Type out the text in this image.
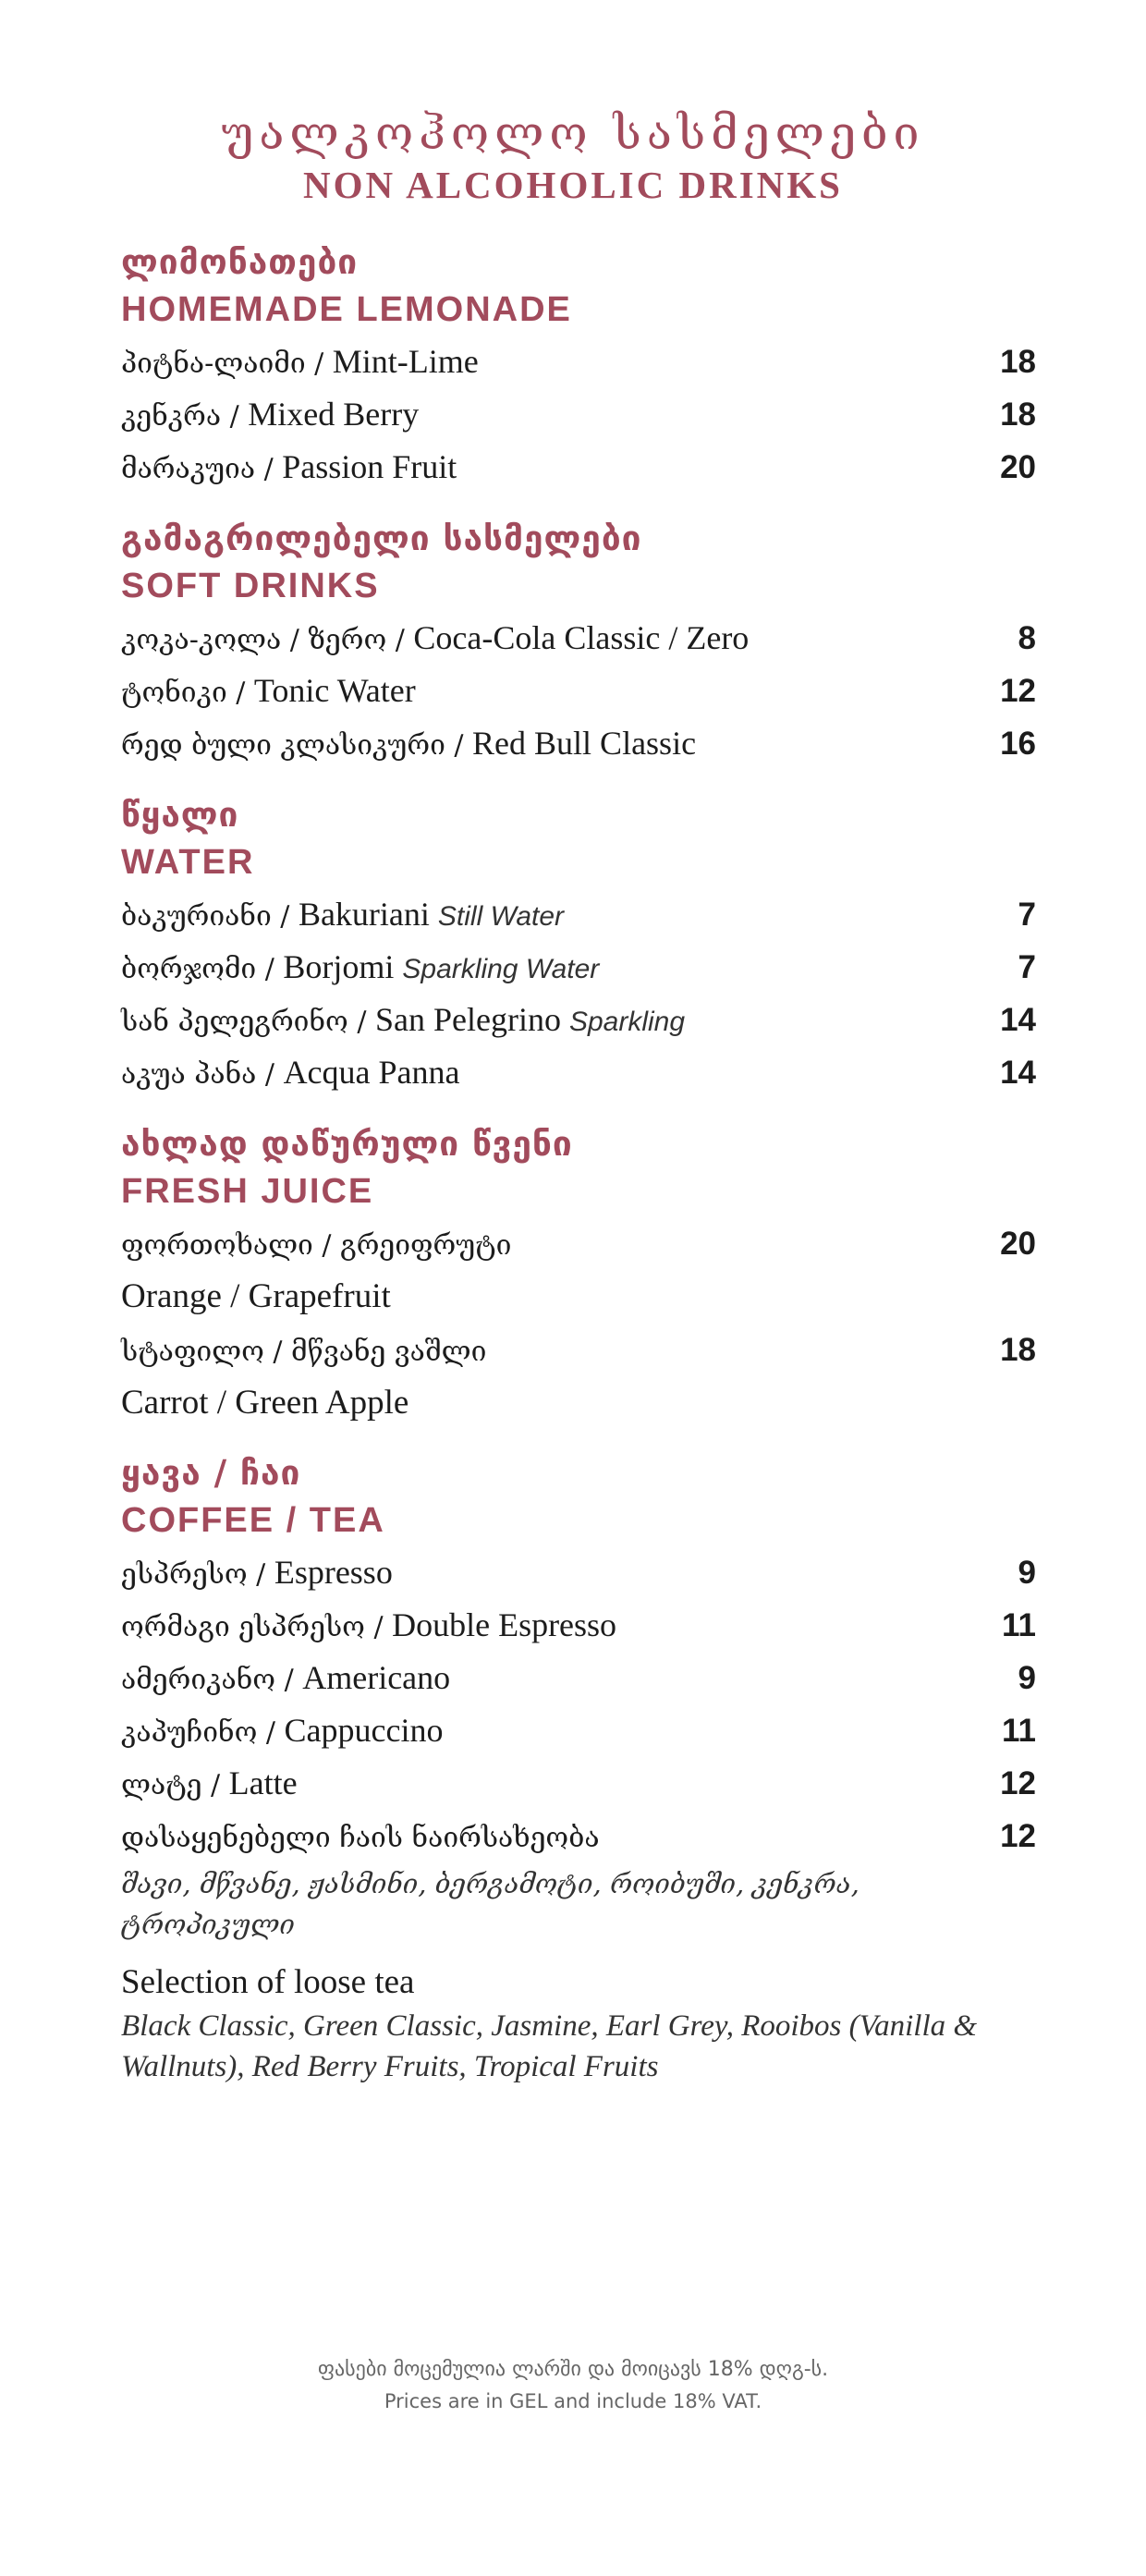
უალკოჰოლო სასმელები
NON ALCOHOLIC DRINKS
ლიმონათები
HOMEMADE LEMONADE
პიტნა-ლაიმი / Mint-Lime	18
კენკრა / Mixed Berry	18
მარაკუია / Passion Fruit	20
გამაგრილებელი სასმელები
SOFT DRINKS
კოკა-კოლა / ზერო / Coca-Cola Classic / Zero	8
ტონიკი / Tonic Water	12
რედ ბული კლასიკური / Red Bull Classic	16
წყალი
WATER
ბაკურიანი / Bakuriani Still Water	7
ბორჯომი / Borjomi Sparkling Water	7
სან პელეგრინო / San Pelegrino Sparkling	14
აკუა პანა / Acqua Panna	14
ახლად დაწურული წვენი
FRESH JUICE
ფორთოხალი / გრეიფრუტი	20
Orange / Grapefruit
სტაფილო / მწვანე ვაშლი	18
Carrot / Green Apple
ყავა / ჩაი
COFFEE / TEA
ესპრესო / Espresso	9
ორმაგი ესპრესო / Double Espresso	11
ამერიკანო / Americano	9
კაპუჩინო / Cappuccino	11
ლატე / Latte	12
დასაყენებელი ჩაის ნაირსახეობა	12
შავი, მწვანე, ჟასმინი, ბერგამოტი, როიბუში, კენკრა, ტროპიკული
Selection of loose tea
Black Classic, Green Classic, Jasmine, Earl Grey, Rooibos (Vanilla & Wallnuts), Red Berry Fruits, Tropical Fruits
ფასები მოცემულია ლარში და მოიცავს 18% დღგ-ს.
Prices are in GEL and include 18% VAT.
